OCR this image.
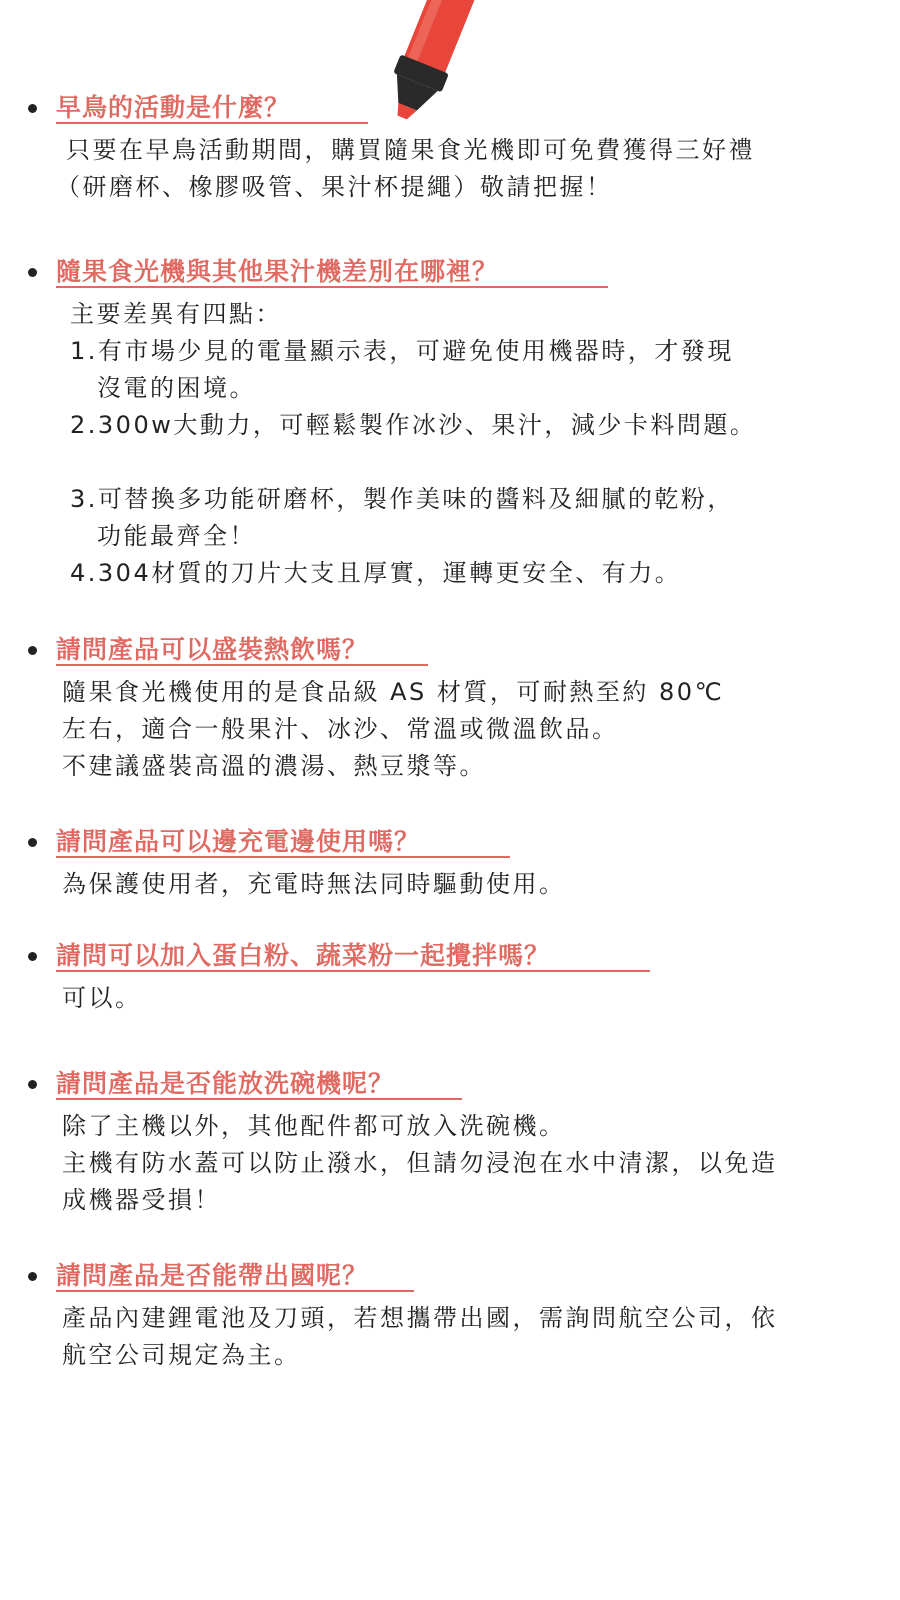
早鳥的活動是什麼？
只要在早鳥活動期間，購買隨果食光機即可免費獲得三好禮
（研磨杯、橡膠吸管、果汁杯提繩）敬請把握！
隨果食光機與其他果汁機差別在哪裡？
主要差異有四點：
1.有市場少見的電量顯示表，可避免使用機器時，才發現
沒電的困境。
2.300w大動力，可輕鬆製作冰沙、果汁，減少卡料問題。
3.可替換多功能研磨杯，製作美味的醬料及細膩的乾粉，
功能最齊全！
4.304材質的刀片大支且厚實，運轉更安全、有力。
請問產品可以盛裝熱飲嗎？
隨果食光機使用的是食品級 AS 材質，可耐熱至約 80℃
左右，適合一般果汁、冰沙、常溫或微溫飲品。
不建議盛裝高溫的濃湯、熱豆漿等。
請問產品可以邊充電邊使用嗎？
為保護使用者，充電時無法同時驅動使用。
請問可以加入蛋白粉、蔬菜粉一起攪拌嗎？
可以。
請問產品是否能放洗碗機呢？
除了主機以外，其他配件都可放入洗碗機。
主機有防水蓋可以防止潑水，但請勿浸泡在水中清潔，以免造
成機器受損！
請問產品是否能帶出國呢？
產品內建鋰電池及刀頭，若想攜帶出國，需詢問航空公司，依
航空公司規定為主。
